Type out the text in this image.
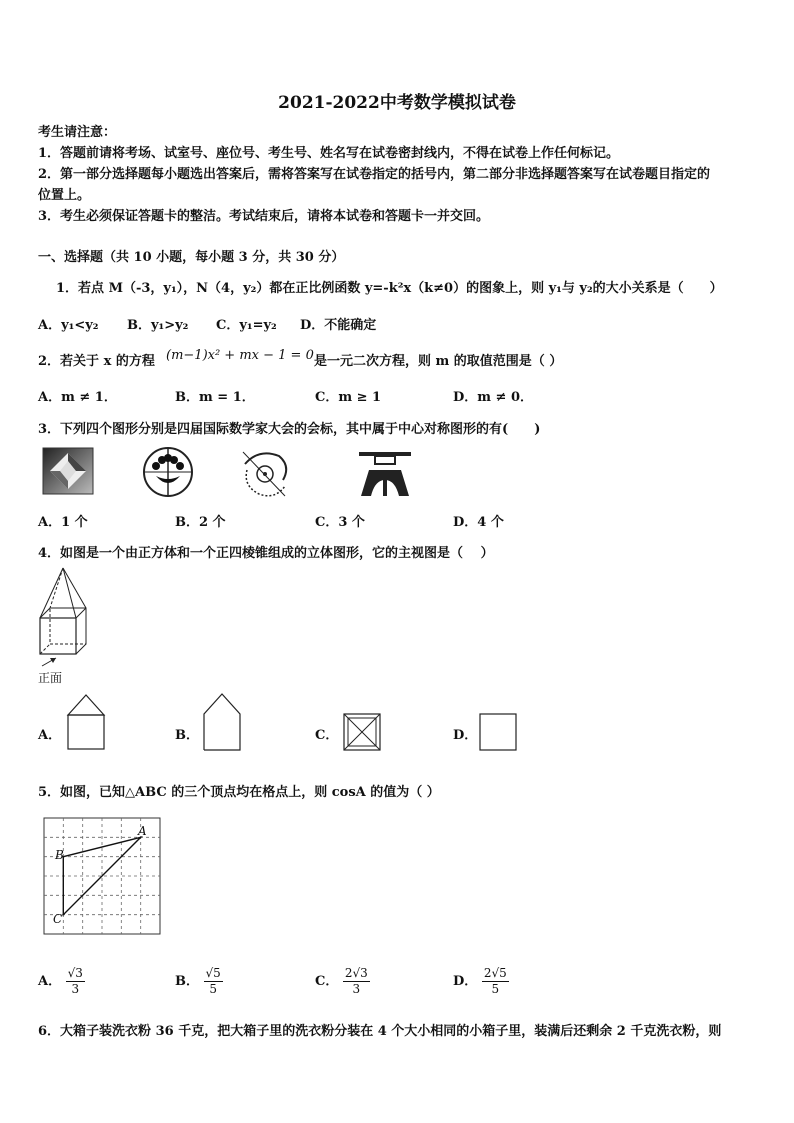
2021-2022中考数学模拟试卷
考生请注意：
1．答题前请将考场、试室号、座位号、考生号、姓名写在试卷密封线内，不得在试卷上作任何标记。
2．第一部分选择题每小题选出答案后，需将答案写在试卷指定的括号内，第二部分非选择题答案写在试卷题目指定的
位置上。
3．考生必须保证答题卡的整洁。考试结束后，请将本试卷和答题卡一并交回。
一、选择题（共 10 小题，每小题 3 分，共 30 分）
1．若点 M（-3，y₁），N（4，y₂）都在正比例函数 y=-k²x（k≠0）的图象上，则 y₁与 y₂的大小关系是（　　）
A．y₁<y₂ B．y₁>y₂ C．y₁=y₂ D．不能确定
2．若关于 x 的方程 (m−1)x² + mx − 1 = 0 是一元二次方程，则 m 的取值范围是（ ）
A．m ≠ 1．	B．m = 1．	C．m ≥ 1	D．m ≠ 0．
3．下列四个图形分别是四届国际数学家大会的会标，其中属于中心对称图形的有(　　)
A．1 个	B．2 个	C．3 个	D．4 个
4．如图是一个由正方体和一个正四棱锥组成的立体图形，它的主视图是（　 ）
正面
A．	B．	C．	D．
5．如图，已知△ABC 的三个顶点均在格点上，则 cosA 的值为（ ）
A
B
C
A． $\frac{√3}{3}$	B． $\frac{√5}{5}$	C． $\frac{2√3}{3}$	D． $\frac{2√5}{5}$
6．大箱子装洗衣粉 36 千克，把大箱子里的洗衣粉分装在 4 个大小相同的小箱子里，装满后还剩余 2 千克洗衣粉，则
